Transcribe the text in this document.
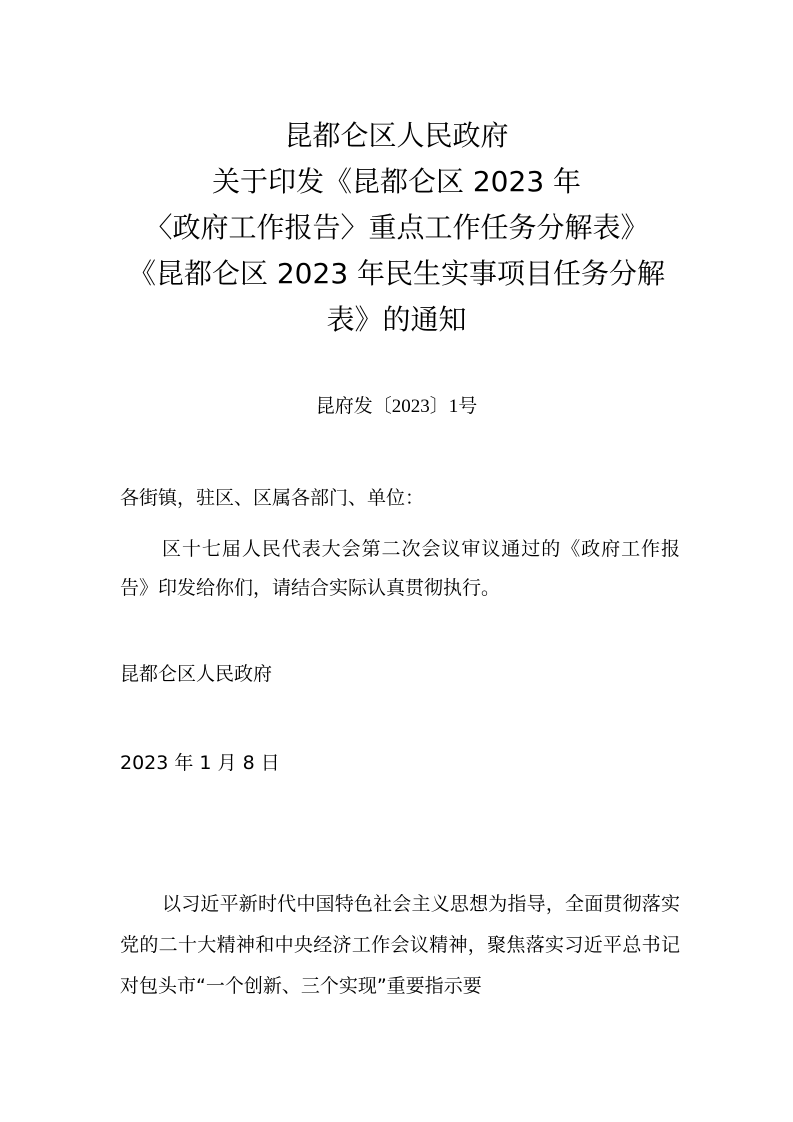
昆都仑区人民政府
关于印发《昆都仑区 2023 年
〈政府工作报告〉重点工作任务分解表》
《昆都仑区 2023 年民生实事项目任务分解
表》的通知
昆府发〔2023〕1号
各街镇，驻区、区属各部门、单位：
区十七届人民代表大会第二次会议审议通过的《政府工作报告》印发给你们，请结合实际认真贯彻执行。
昆都仑区人民政府
2023 年 1 月 8 日
以习近平新时代中国特色社会主义思想为指导，全面贯彻落实党的二十大精神和中央经济工作会议精神，聚焦落实习近平总书记对包头市“一个创新、三个实现”重要指示要
